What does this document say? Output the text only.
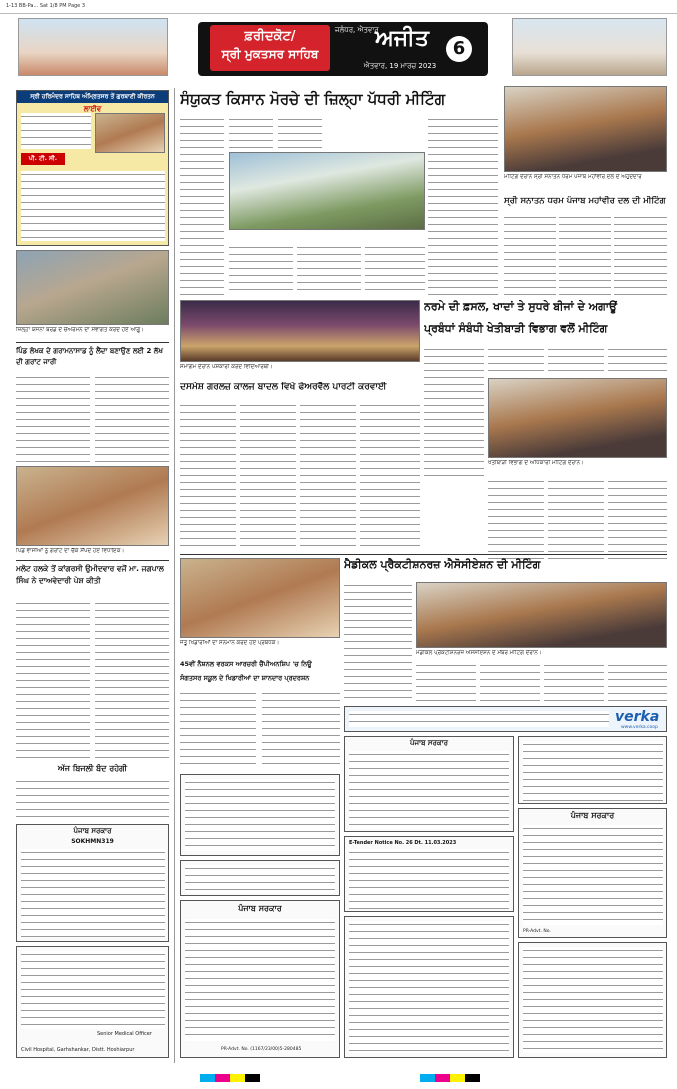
1-13 BB-Pa... Sat 1/8 PM Page 3
ਫ਼ਰੀਦਕੋਟ/
ਸ੍ਰੀ ਮੁਕਤਸਰ ਸਾਹਿਬ
ਜਲੰਧਰ, ਐਤਵਾਰ
ਅਜੀਤ
ਐਤਵਾਰ, 19 ਮਾਰਚ 2023
6
ਸ੍ਰੀ ਹਰਿਮੰਦਰ ਸਾਹਿਬ ਅੰਮ੍ਰਿਤਸਰ ਤੋਂ ਗੁਰਬਾਣੀ ਕੀਰਤਨ
ਲਾਈਵ
ਪੀ. ਟੀ. ਸੀ.
ਜ਼ਿਲ੍ਹਾ ਯੋਜਨਾ ਬੋਰਡ ਦੇ ਚੇਅਰਮੈਨ ਦਾ ਸਵਾਗਤ ਕਰਦੇ ਹੋਏ ਆਗੂ।
ਪਿੰਡ ਲੇਖਕ ਦੇ ਗਰਾਮਨਾਸਾਡ ਨੂੰ ਲੈਂਦਾ ਬਣਾਉਣ ਲਈ 2 ਲੱਖ ਦੀ ਗਰਾਂਟ ਜਾਰੀ
ਪਿੰਡ ਵਾਸੀਆਂ ਨੂੰ ਗਰਾਂਟ ਦਾ ਚੈੱਕ ਸੌਂਪਦੇ ਹੋਏ ਵਿਧਾਇਕ।
ਮਲੋਟ ਹਲਕੇ ਤੋਂ ਕਾਂਗਰਸੀ ਉਮੀਦਵਾਰ ਵਜੋਂ ਮਾ. ਜਗਪਾਲ ਸਿੰਘ ਨੇ ਦਾਅਵੇਦਾਰੀ ਪੇਸ਼ ਕੀਤੀ
ਅੱਜ ਬਿਜਲੀ ਬੰਦ ਰਹੇਗੀ
ਪੰਜਾਬ ਸਰਕਾਰ
SOKHMN319
Senior Medical Officer
Civil Hospital, Garhshankar, Distt. Hoshiarpur
ਸੰਯੁਕਤ ਕਿਸਾਨ ਮੋਰਚੇ ਦੀ ਜ਼ਿਲ੍ਹਾ ਪੱਧਰੀ ਮੀਟਿੰਗ
ਮੀਟਿੰਗ ਦੌਰਾਨ ਸ੍ਰੀ ਸਨਾਤਨ ਧਰਮ ਪੰਜਾਬ ਮਹਾਂਵੀਰ ਦਲ ਦੇ ਅਹੁਦੇਦਾਰ
ਸ੍ਰੀ ਸਨਾਤਨ ਧਰਮ ਪੰਜਾਬ ਮਹਾਂਵੀਰ ਦਲ ਦੀ ਮੀਟਿੰਗ
ਸਮਾਗਮ ਦੌਰਾਨ ਪੇਸ਼ਕਾਰੀ ਕਰਦੇ ਵਿਦਿਆਰਥੀ।
ਨਰਮੇ ਦੀ ਫ਼ਸਲ, ਖਾਦਾਂ ਤੇ ਸੁਧਰੇ ਬੀਜਾਂ ਦੇ ਅਗਾਊਂ
ਪ੍ਰਬੰਧਾਂ ਸੰਬੰਧੀ ਖੇਤੀਬਾੜੀ ਵਿਭਾਗ ਵਲੋਂ ਮੀਟਿੰਗ
ਖੇਤੀਬਾੜੀ ਵਿਭਾਗ ਦੇ ਅਧਿਕਾਰੀ ਮੀਟਿੰਗ ਦੌਰਾਨ।
ਦਸਮੇਸ਼ ਗਰਲਜ਼ ਕਾਲਜ ਬਾਦਲ ਵਿਖੇ ਫੇਅਰਵੈੱਲ ਪਾਰਟੀ ਕਰਵਾਈ
ਜੇਤੂ ਖਿਡਾਰੀਆਂ ਦਾ ਸਨਮਾਨ ਕਰਦੇ ਹੋਏ ਪ੍ਰਬੰਧਕ।
ਮੈਡੀਕਲ ਪ੍ਰੈਕਟੀਸ਼ਨਰਜ਼ ਐਸੋਸੀਏਸ਼ਨ ਦੀ ਮੀਟਿੰਗ
ਮੈਡੀਕਲ ਪ੍ਰੈਕਟੀਸ਼ਨਰਜ਼ ਐਸੋਸੀਏਸ਼ਨ ਦੇ ਮੈਂਬਰ ਮੀਟਿੰਗ ਦੌਰਾਨ।
45ਵੀਂ ਨੈਸ਼ਨਲ ਵਰਕਸ ਆਰਚਰੀ ਚੈਂਪੀਅਨਸ਼ਿਪ 'ਚ ਨਿਊ
ਸੰਗਤਸਰ ਸਕੂਲ ਦੇ ਖਿਡਾਰੀਆਂ ਦਾ ਸ਼ਾਨਦਾਰ ਪ੍ਰਦਰਸ਼ਨ
verka
www.verka.coop
ਪੰਜਾਬ ਸਰਕਾਰ
PR-Advt. No. (1167/23/00)5-280485
ਪੰਜਾਬ ਸਰਕਾਰ
E-Tender Notice No. 26 Dt. 11.03.2023
ਪੰਜਾਬ ਸਰਕਾਰ
PR-Advt. No.
